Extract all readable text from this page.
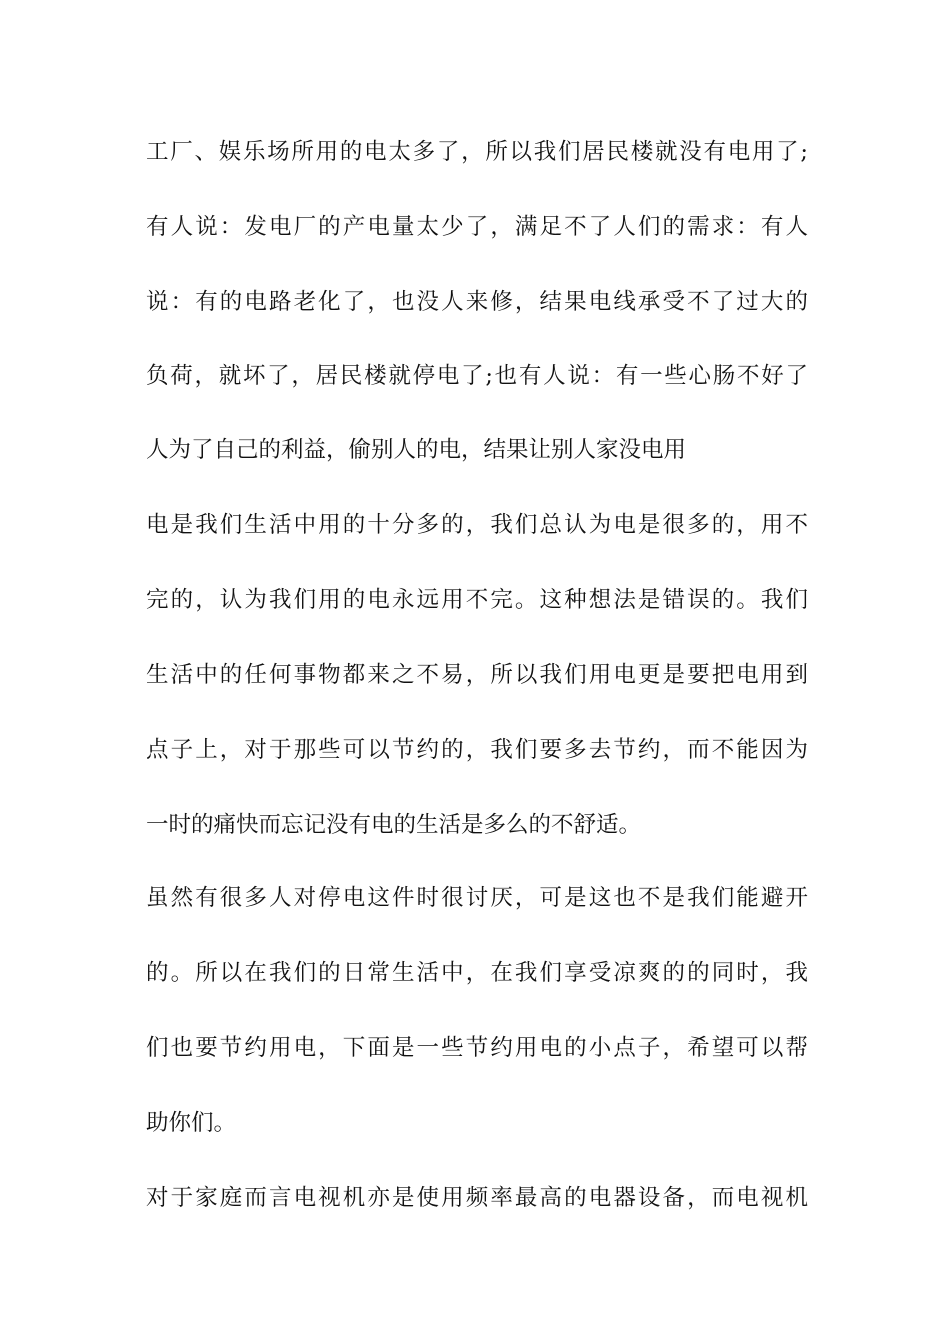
工厂、娱乐场所用的电太多了，所以我们居民楼就没有电用了;
有人说：发电厂的产电量太少了，满足不了人们的需求：有人
说：有的电路老化了，也没人来修，结果电线承受不了过大的
负荷，就坏了，居民楼就停电了;也有人说：有一些心肠不好了
人为了自己的利益，偷别人的电，结果让别人家没电用
电是我们生活中用的十分多的，我们总认为电是很多的，用不
完的，认为我们用的电永远用不完。这种想法是错误的。我们
生活中的任何事物都来之不易，所以我们用电更是要把电用到
点子上，对于那些可以节约的，我们要多去节约，而不能因为
一时的痛快而忘记没有电的生活是多么的不舒适。
虽然有很多人对停电这件时很讨厌，可是这也不是我们能避开
的。所以在我们的日常生活中，在我们享受凉爽的的同时，我
们也要节约用电，下面是一些节约用电的小点子，希望可以帮
助你们。
对于家庭而言电视机亦是使用频率最高的电器设备，而电视机
